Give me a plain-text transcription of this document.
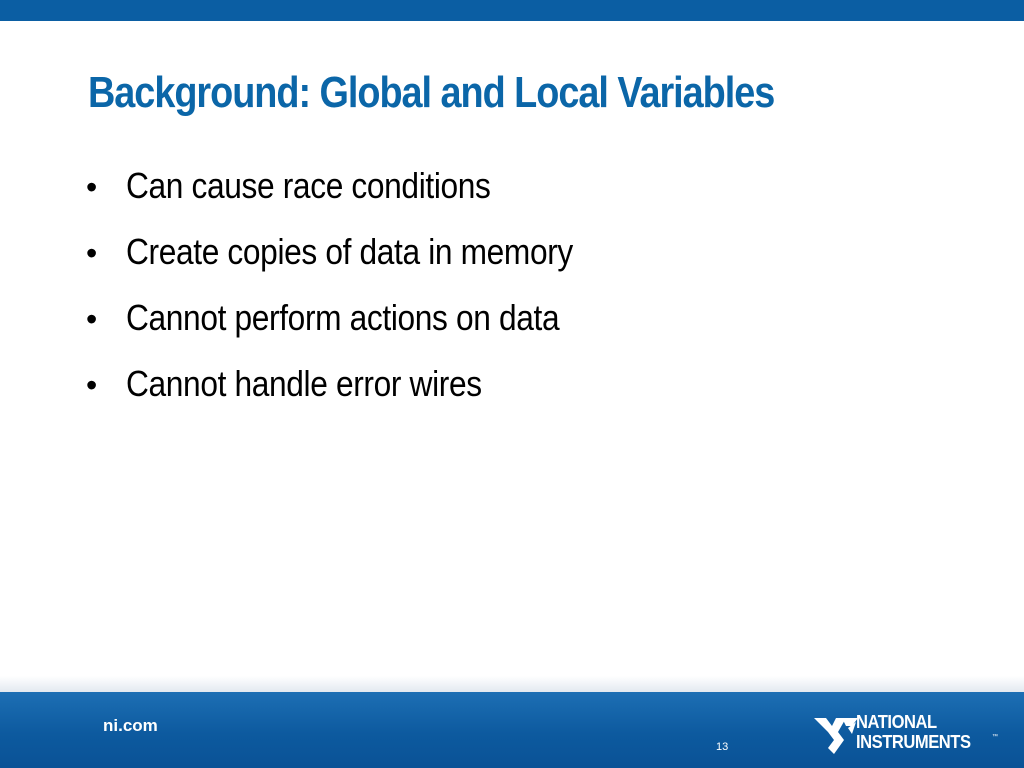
Background: Global and Local Variables
• Can cause race conditions
• Create copies of data in memory
• Cannot perform actions on data
• Cannot handle error wires
ni.com
13
NATIONAL
INSTRUMENTS	™
